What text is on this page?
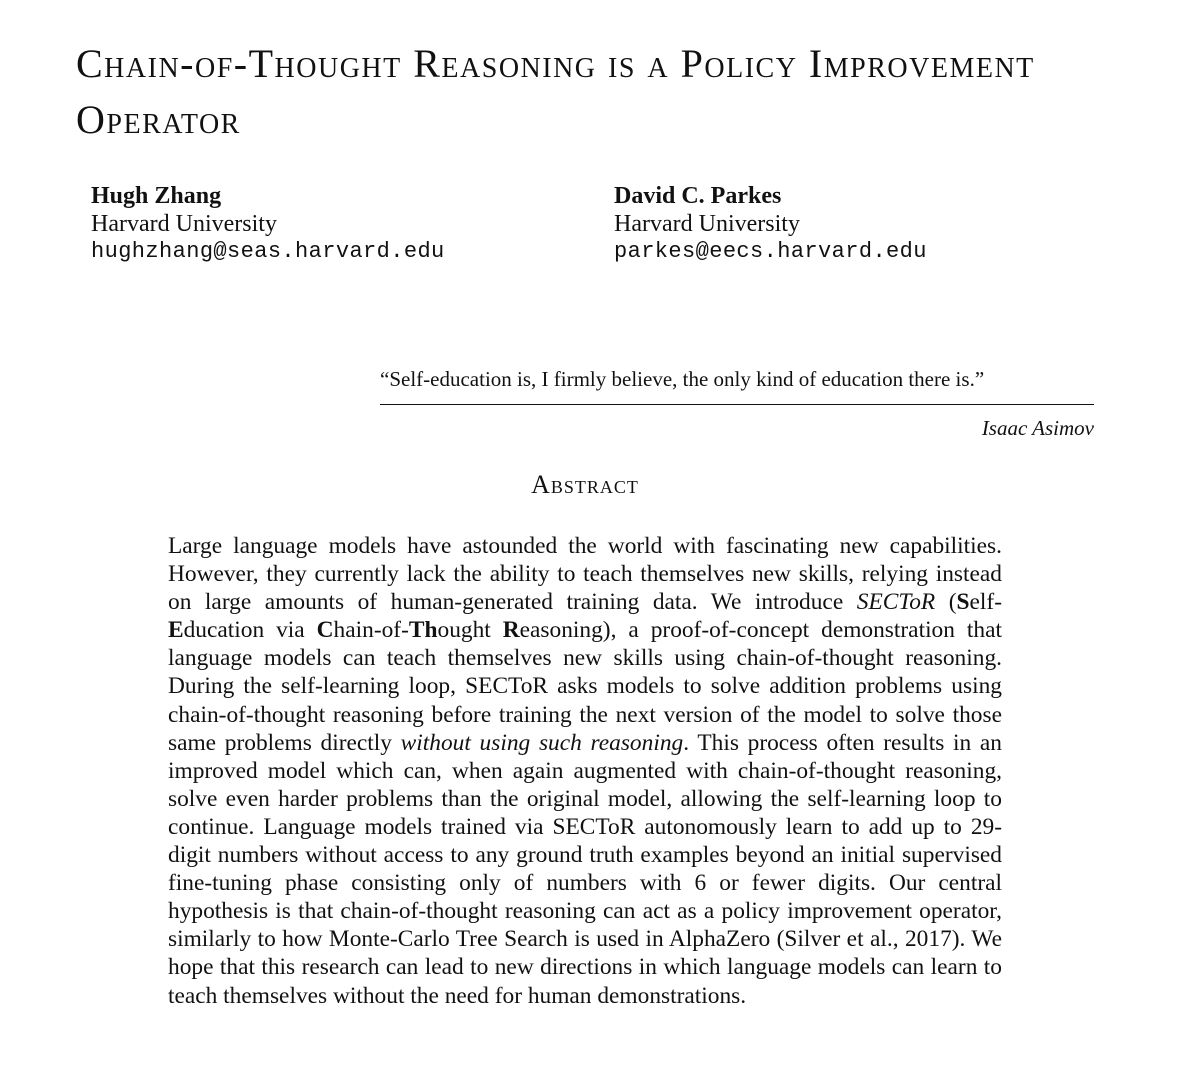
Chain-of-Thought Reasoning is a Policy Improvement Operator
Hugh Zhang
Harvard University
hughzhang@seas.harvard.edu
David C. Parkes
Harvard University
parkes@eecs.harvard.edu
“Self-education is, I firmly believe, the only kind of education there is.”
Isaac Asimov
Abstract

Large language models have astounded the world with fascinating new capabilities. However, they currently lack the ability to teach themselves new skills, relying instead on large amounts of human-generated training data. We introduce SECToR (Self-Education via Chain-of-Thought Reasoning), a proof-of-concept demonstration that language models can teach themselves new skills using chain-of-thought reasoning. During the self-learning loop, SECToR asks models to solve addition problems using chain-of-thought reasoning before training the next version of the model to solve those same problems directly without using such reasoning. This process often results in an improved model which can, when again augmented with chain-of-thought reasoning, solve even harder problems than the original model, allowing the self-learning loop to continue. Language models trained via SECToR autonomously learn to add up to 29-digit numbers without access to any ground truth examples beyond an initial supervised fine-tuning phase consisting only of numbers with 6 or fewer digits. Our central hypothesis is that chain-of-thought reasoning can act as a policy improvement operator, similarly to how Monte-Carlo Tree Search is used in AlphaZero (Silver et al., 2017). We hope that this research can lead to new directions in which language models can learn to teach themselves without the need for human demonstrations.
